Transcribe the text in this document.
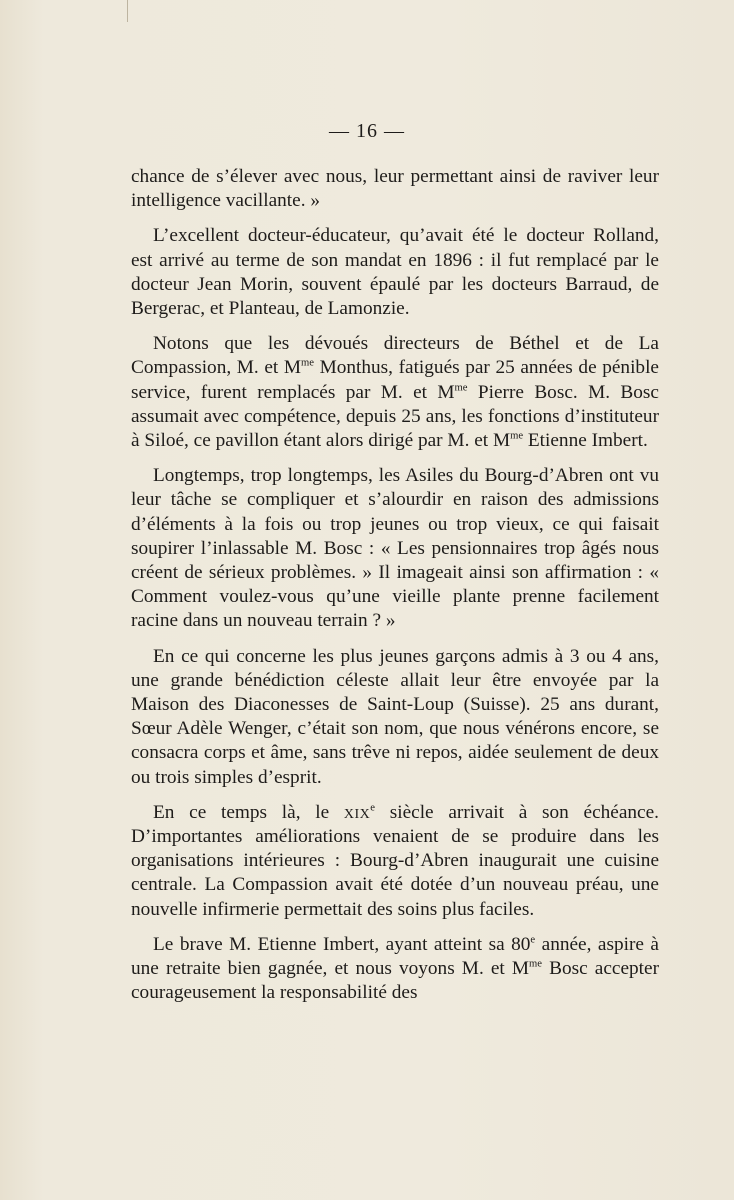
— 16 —

chance de s’élever avec nous, leur permettant ainsi de raviver leur intelligence vacillante. »

L’excellent docteur-éducateur, qu’avait été le docteur Rolland, est arrivé au terme de son mandat en 1896 : il fut remplacé par le docteur Jean Morin, souvent épaulé par les docteurs Barraud, de Bergerac, et Planteau, de Lamonzie.

Notons que les dévoués directeurs de Béthel et de La Compassion, M. et $M^{me}$ Monthus, fatigués par 25 années de pénible service, furent remplacés par M. et $M^{me}$ Pierre Bosc. M. Bosc assumait avec compétence, depuis 25 ans, les fonctions d’instituteur à Siloé, ce pavillon étant alors dirigé par M. et $M^{me}$ Etienne Imbert.

Longtemps, trop longtemps, les Asiles du Bourg-d’Abren ont vu leur tâche se compliquer et s’alourdir en raison des admissions d’éléments à la fois ou trop jeunes ou trop vieux, ce qui faisait soupirer l’inlassable M. Bosc : « Les pensionnaires trop âgés nous créent de sérieux problèmes. » Il imageait ainsi son affirmation : « Comment voulez-vous qu’une vieille plante prenne facilement racine dans un nouveau terrain ? »

En ce qui concerne les plus jeunes garçons admis à 3 ou 4 ans, une grande bénédiction céleste allait leur être envoyée par la Maison des Diaconesses de Saint-Loup (Suisse). 25 ans durant, Sœur Adèle Wenger, c’était son nom, que nous vénérons encore, se consacra corps et âme, sans trêve ni repos, aidée seulement de deux ou trois simples d’esprit.

En ce temps là, le xix$^e$ siècle arrivait à son échéance. D’importantes améliorations venaient de se produire dans les organisations intérieures : Bourg-d’Abren inaugurait une cuisine centrale. La Compassion avait été dotée d’un nouveau préau, une nouvelle infirmerie permettait des soins plus faciles.

Le brave M. Etienne Imbert, ayant atteint sa 80e année, aspire à une retraite bien gagnée, et nous voyons M. et $M^{me}$ Bosc accepter courageusement la responsabilité des
